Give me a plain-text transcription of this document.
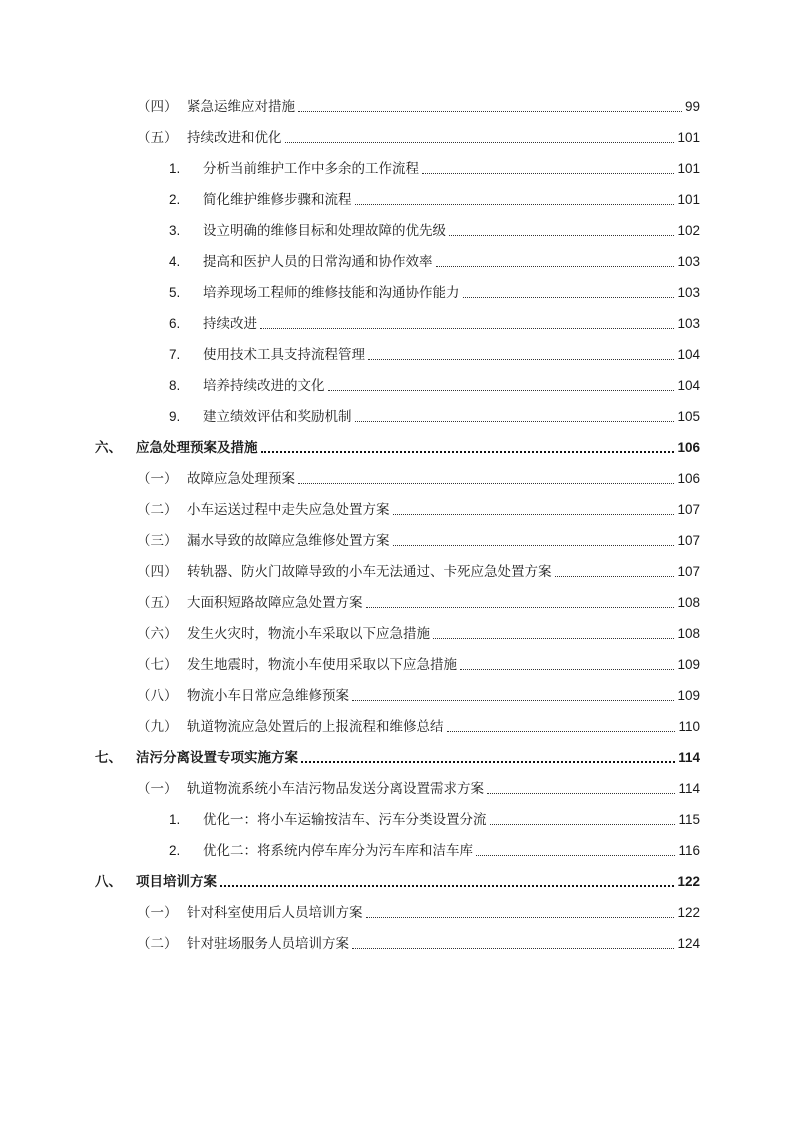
（四） 紧急运维应对措施	99
（五） 持续改进和优化	101
1.	分析当前维护工作中多余的工作流程	101
2.	简化维护维修步骤和流程	101
3.	设立明确的维修目标和处理故障的优先级	102
4.	提高和医护人员的日常沟通和协作效率	103
5.	培养现场工程师的维修技能和沟通协作能力	103
6.	持续改进	103
7.	使用技术工具支持流程管理	104
8.	培养持续改进的文化	104
9.	建立绩效评估和奖励机制	105
六、	应急处理预案及措施	106
（一） 故障应急处理预案	106
（二） 小车运送过程中走失应急处置方案	107
（三） 漏水导致的故障应急维修处置方案	107
（四） 转轨器、防火门故障导致的小车无法通过、卡死应急处置方案	107
（五） 大面积短路故障应急处置方案	108
（六） 发生火灾时，物流小车采取以下应急措施	108
（七） 发生地震时，物流小车使用采取以下应急措施	109
（八） 物流小车日常应急维修预案	109
（九） 轨道物流应急处置后的上报流程和维修总结	110
七、	洁污分离设置专项实施方案	114
（一） 轨道物流系统小车洁污物品发送分离设置需求方案	114
1.	优化一：将小车运输按洁车、污车分类设置分流	115
2.	优化二：将系统内停车库分为污车库和洁车库	116
八、	项目培训方案	122
（一） 针对科室使用后人员培训方案	122
（二） 针对驻场服务人员培训方案	124
